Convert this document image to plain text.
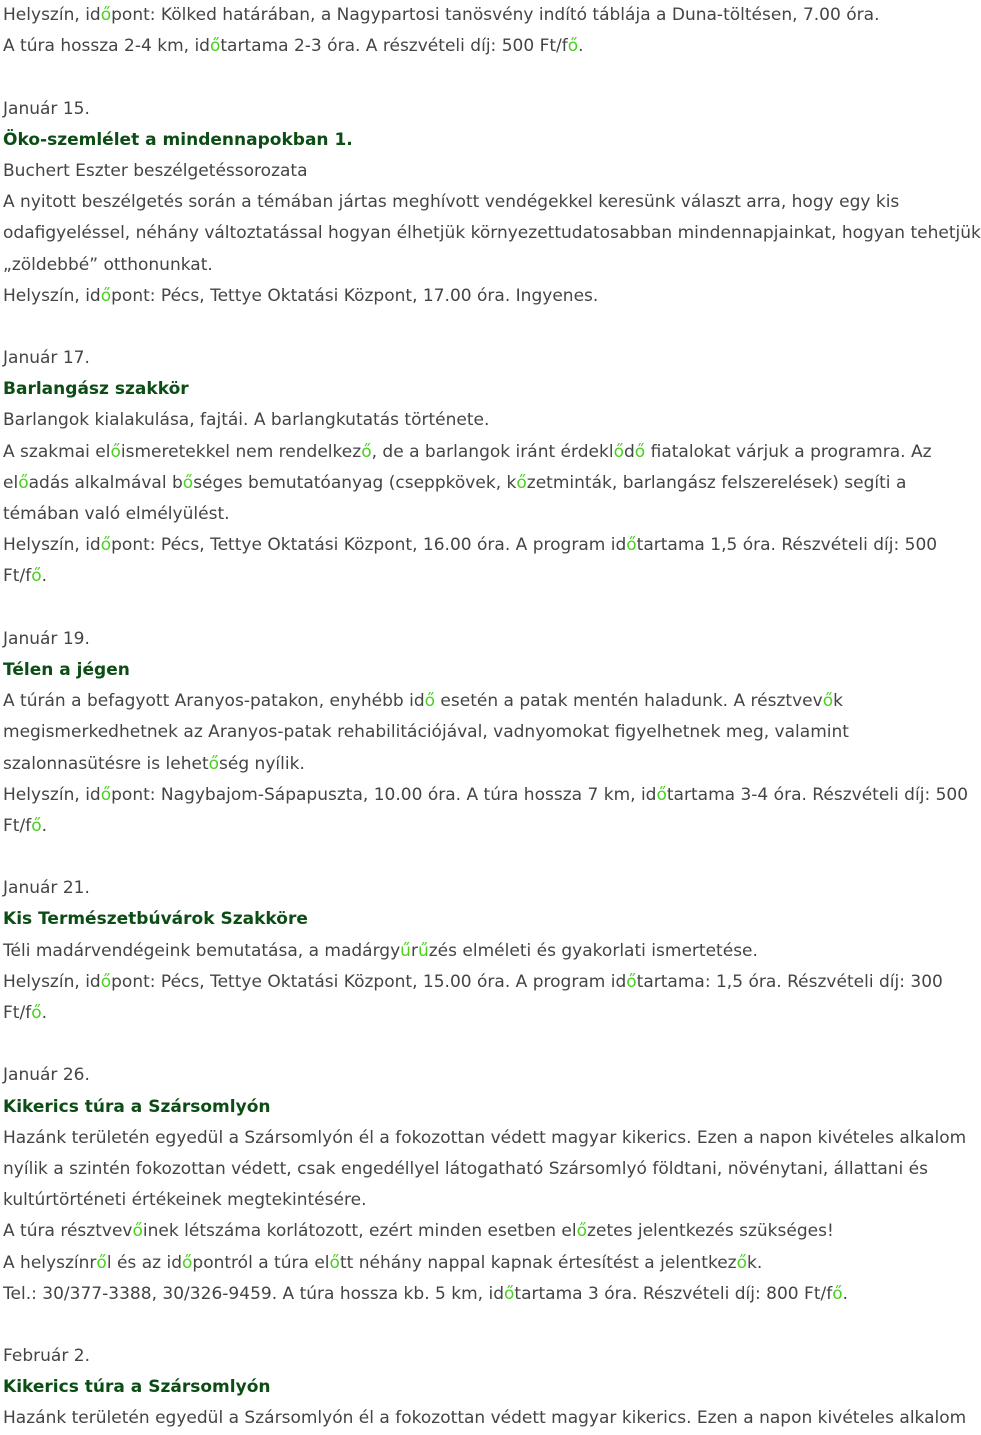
Helyszín, időpont: Kölked határában, a Nagypartosi tanösvény indító táblája a Duna-töltésen, 7.00 óra.
A túra hossza 2-4 km, időtartama 2-3 óra. A részvételi díj: 500 Ft/fő.
Január 15.
Öko-szemlélet a mindennapokban 1.
Buchert Eszter beszélgetéssorozata
A nyitott beszélgetés során a témában jártas meghívott vendégekkel keresünk választ arra, hogy egy kis
odafgyeléssel, néhány változtatással hogyan élhetjük környezettudatosabban mindennapjainkat, hogyan tehetjük
„zöldebbé” otthonunkat.
Helyszín, időpont: Pécs, Tettye Oktatási Központ, 17.00 óra. Ingyenes.
Január 17.
Barlangász szakkör
Barlangok kialakulása, fajtái. A barlangkutatás története.
A szakmai előismeretekkel nem rendelkező, de a barlangok iránt érdeklődő fatalokat várjuk a programra. Az
előadás alkalmával bőséges bemutatóanyag (cseppkövek, kőzetminták, barlangász felszerelések) segíti a
témában való elmélyülést.
Helyszín, időpont: Pécs, Tettye Oktatási Központ, 16.00 óra. A program időtartama 1,5 óra. Részvételi díj: 500
Ft/fő.
Január 19.
Télen a jégen
A túrán a befagyott Aranyos-patakon, enyhébb idő esetén a patak mentén haladunk. A résztvevők
megismerkedhetnek az Aranyos-patak rehabilitációjával, vadnyomokat fgyelhetnek meg, valamint
szalonnasütésre is lehetőség nyílik.
Helyszín, időpont: Nagybajom-Sápapuszta, 10.00 óra. A túra hossza 7 km, időtartama 3-4 óra. Részvételi díj: 500
Ft/fő.
Január 21.
Kis Természetbúvárok Szakköre
Téli madárvendégeink bemutatása, a madárgyűrűzés elméleti és gyakorlati ismertetése.
Helyszín, időpont: Pécs, Tettye Oktatási Központ, 15.00 óra. A program időtartama: 1,5 óra. Részvételi díj: 300
Ft/fő.
Január 26.
Kikerics túra a Szársomlyón
Hazánk területén egyedül a Szársomlyón él a fokozottan védett magyar kikerics. Ezen a napon kivételes alkalom
nyílik a szintén fokozottan védett, csak engedéllyel látogatható Szársomlyó földtani, növénytani, állattani és
kultúrtörténeti értékeinek megtekintésére.
A túra résztvevőinek létszáma korlátozott, ezért minden esetben előzetes jelentkezés szükséges!
A helyszínről és az időpontról a túra előtt néhány nappal kapnak értesítést a jelentkezők.
Tel.: 30/377-3388, 30/326-9459. A túra hossza kb. 5 km, időtartama 3 óra. Részvételi díj: 800 Ft/fő.
Február 2.
Kikerics túra a Szársomlyón
Hazánk területén egyedül a Szársomlyón él a fokozottan védett magyar kikerics. Ezen a napon kivételes alkalom
